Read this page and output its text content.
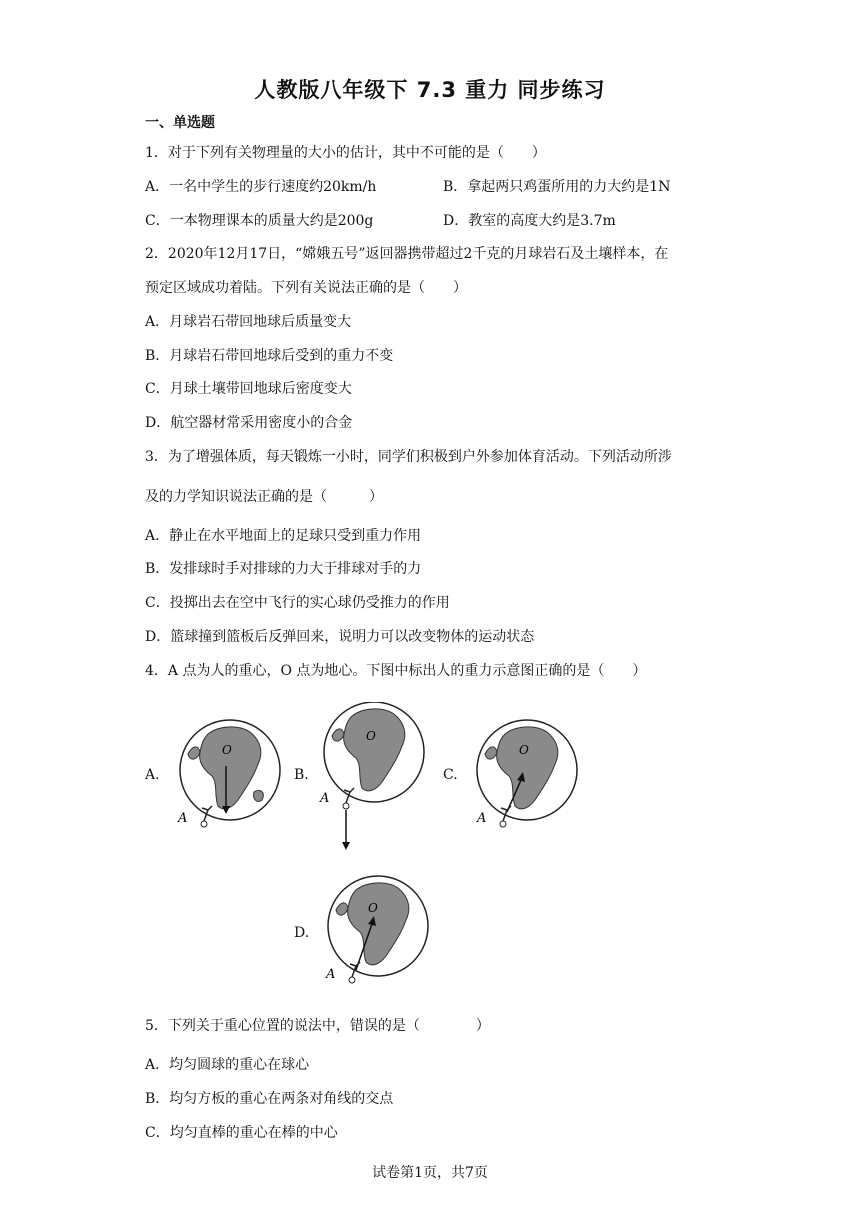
人教版八年级下 7.3 重力 同步练习
一、单选题
1．对于下列有关物理量的大小的估计，其中不可能的是（　　）
A．一名中学生的步行速度约20km/h	B．拿起两只鸡蛋所用的力大约是1N
C．一本物理课本的质量大约是200g	D．教室的高度大约是3.7m
2．2020年12月17日，“嫦娥五号”返回器携带超过2千克的月球岩石及土壤样本，在
预定区域成功着陆。下列有关说法正确的是（　　）
A．月球岩石带回地球后质量变大
B．月球岩石带回地球后受到的重力不变
C．月球土壤带回地球后密度变大
D．航空器材常采用密度小的合金
3．为了增强体质，每天锻炼一小时，同学们积极到户外参加体育活动。下列活动所涉
及的力学知识说法正确的是（　　　）
A．静止在水平地面上的足球只受到重力作用
B．发排球时手对排球的力大于排球对手的力
C．投掷出去在空中飞行的实心球仍受推力的作用
D．篮球撞到篮板后反弹回来，说明力可以改变物体的运动状态
4．A 点为人的重心，O 点为地心。下图中标出人的重力示意图正确的是（　　）
A.	B.	C.
D.
O
A
O
A
O
A
O
A
5．下列关于重心位置的说法中，错误的是（　　　　）
A．均匀圆球的重心在球心
B．均匀方板的重心在两条对角线的交点
C．均匀直棒的重心在棒的中心
试卷第1页，共7页
